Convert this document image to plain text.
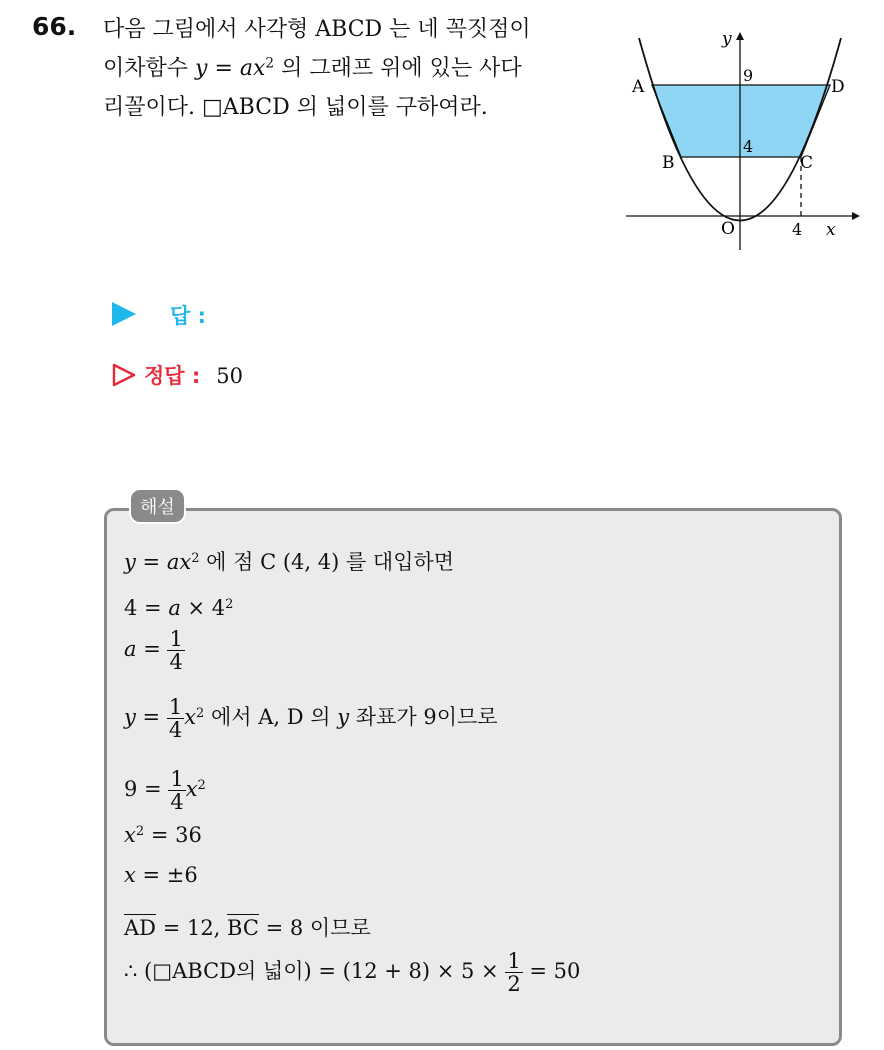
66. 다음 그림에서 사각형 ABCD 는 네 꼭짓점이
이차함수 $y = ax^2$ 의 그래프 위에 있는 사다
리꼴이다. □ABCD 의 넓이를 구하여라.
y
x
O
9
4
4
A
B	C
D
답 :
정답 : 50
해설
$y = ax^2$ 에 점 C (4, 4) 를 대입하면
$4 = a \times 4^2$
$a = \frac{1}{4}$
$y = \frac{1}{4} x^2$ 에서 A, D 의 y 좌표가 9이므로
$9 = \frac{1}{4} x^2$
$x^2 = 36$
x = ±6
AD = 12, BC = 8 이므로
∴ (□ABCD의 넓이) = $(12 + 8) \times 5 \times \frac{1}{2} = 50$
